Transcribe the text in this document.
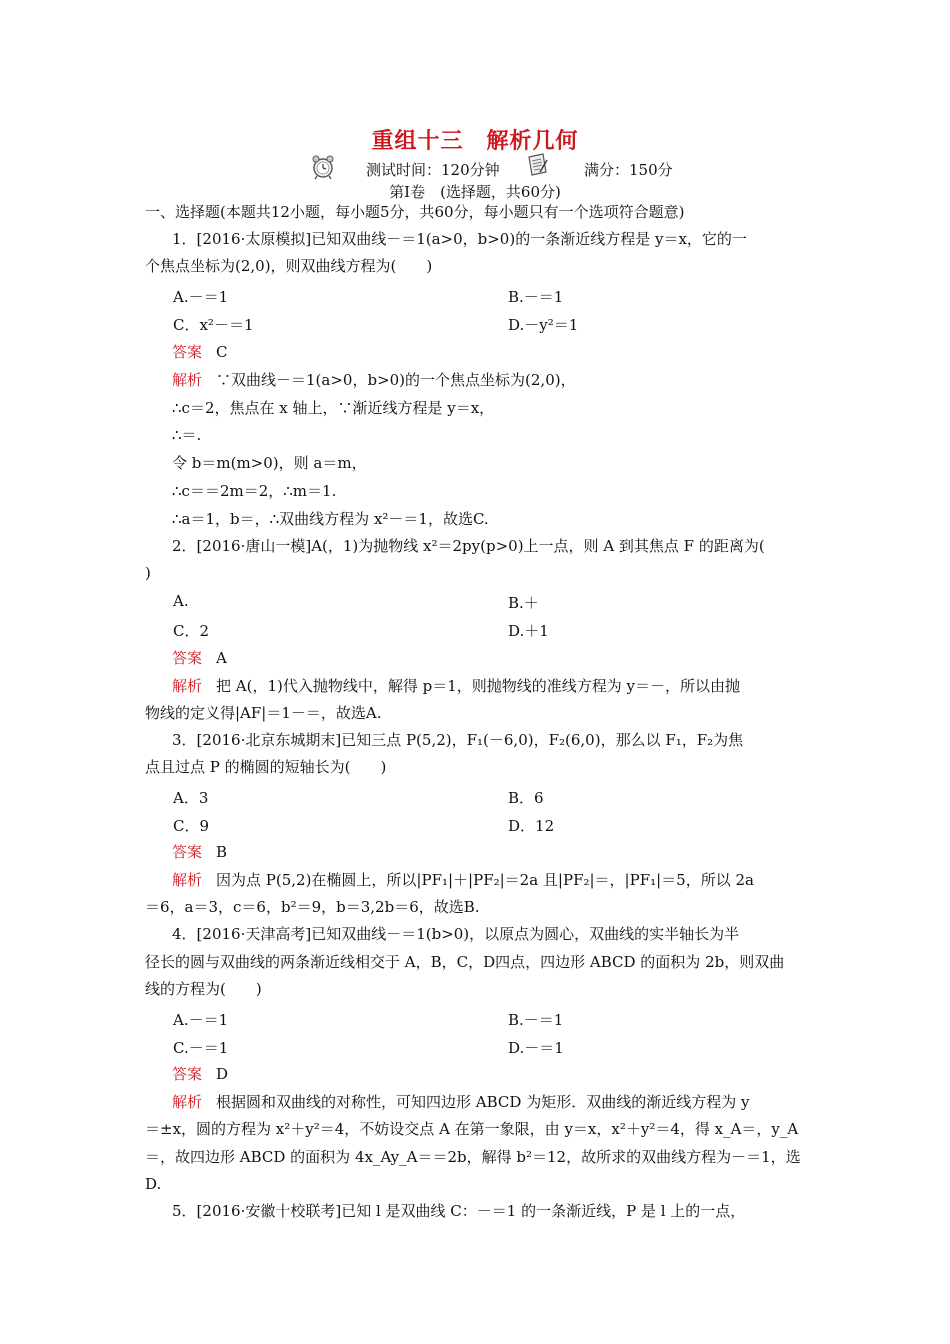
重组十三　解析几何
测试时间：120分钟	满分：150分
第Ⅰ卷　(选择题，共60分)
一、选择题(本题共12小题，每小题5分，共60分，每小题只有一个选项符合题意)
1．[2016·太原模拟]已知双曲线－＝1(a>0，b>0)的一条渐近线方程是 y＝x，它的一
个焦点坐标为(2,0)，则双曲线方程为(　　)
A.－＝1	B.－＝1
C．x²－＝1	D.－y²＝1
答案 C
解析 ∵双曲线－＝1(a>0，b>0)的一个焦点坐标为(2,0)，
∴c＝2，焦点在 x 轴上，∵渐近线方程是 y＝x，
∴＝.
令 b＝m(m>0)，则 a＝m，
∴c＝＝2m＝2，∴m＝1.
∴a＝1，b＝，∴双曲线方程为 x²－＝1，故选C.
2．[2016·唐山一模]A(，1)为抛物线 x²＝2py(p>0)上一点，则 A 到其焦点 F 的距离为(
)
A.	B.＋
C．2	D.＋1
答案 A
解析 把 A(，1)代入抛物线中，解得 p＝1，则抛物线的准线方程为 y＝－，所以由抛
物线的定义得|AF|＝1－＝，故选A.
3．[2016·北京东城期末]已知三点 P(5,2)，F₁(－6,0)，F₂(6,0)，那么以 F₁，F₂为焦
点且过点 P 的椭圆的短轴长为(　　)
A．3	B．6
C．9	D．12
答案 B
解析 因为点 P(5,2)在椭圆上，所以|PF₁|＋|PF₂|＝2a 且|PF₂|＝，|PF₁|＝5，所以 2a
＝6，a＝3，c＝6，b²＝9，b＝3,2b＝6，故选B.
4．[2016·天津高考]已知双曲线－＝1(b>0)，以原点为圆心，双曲线的实半轴长为半
径长的圆与双曲线的两条渐近线相交于 A，B，C，D四点，四边形 ABCD 的面积为 2b，则双曲
线的方程为(　　)
A.－＝1	B.－＝1
C.－＝1	D.－＝1
答案 D
解析 根据圆和双曲线的对称性，可知四边形 ABCD 为矩形．双曲线的渐近线方程为 y
＝±x，圆的方程为 x²＋y²＝4，不妨设交点 A 在第一象限，由 y＝x，x²＋y²＝4，得 x_A＝，y_A
＝，故四边形 ABCD 的面积为 4x_Ay_A＝＝2b，解得 b²＝12，故所求的双曲线方程为－＝1，选
D.
5．[2016·安徽十校联考]已知 l 是双曲线 C：－＝1 的一条渐近线，P 是 l 上的一点，
